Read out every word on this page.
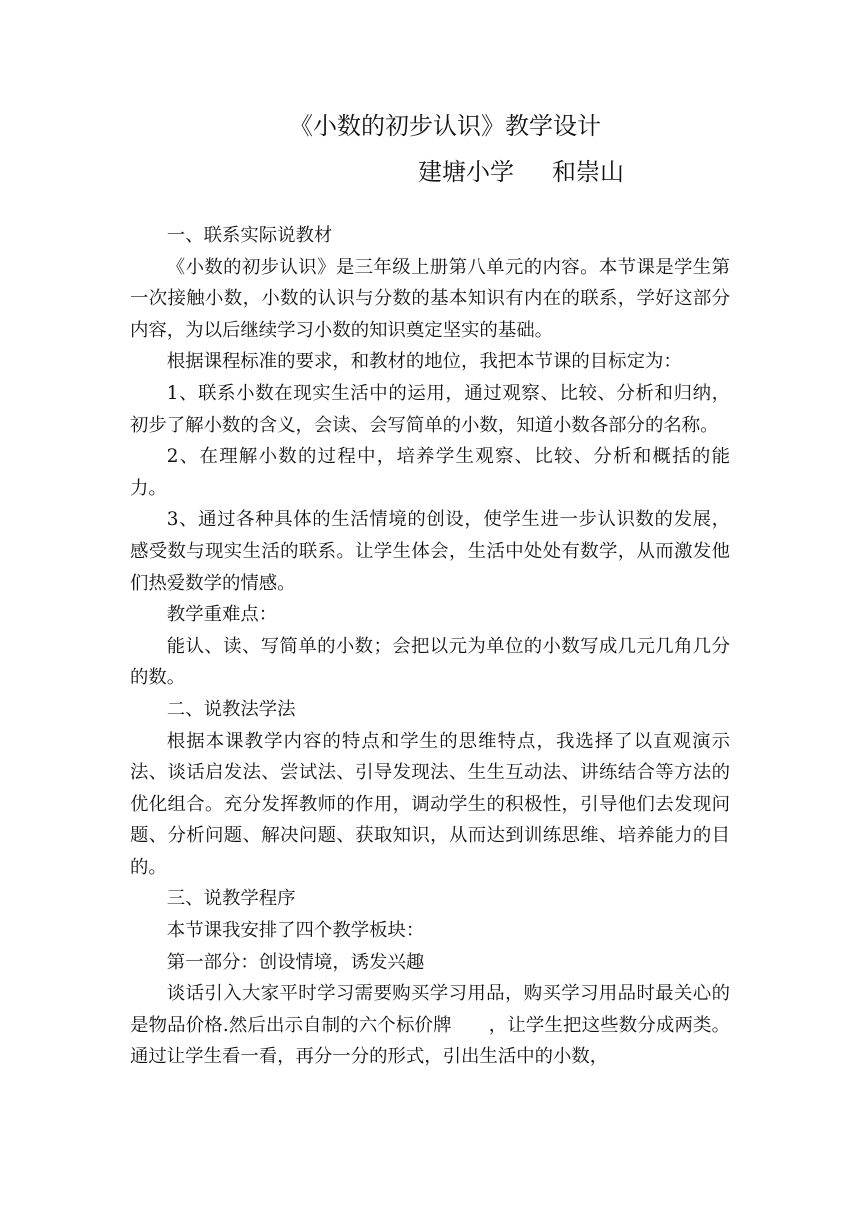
《小数的初步认识》教学设计
建塘小学 和崇山

一、联系实际说教材

《小数的初步认识》是三年级上册第八单元的内容。本节课是学生第一次接触小数，小数的认识与分数的基本知识有内在的联系，学好这部分内容，为以后继续学习小数的知识奠定坚实的基础。

根据课程标准的要求，和教材的地位，我把本节课的目标定为：

1、联系小数在现实生活中的运用，通过观察、比较、分析和归纳，初步了解小数的含义，会读、会写简单的小数，知道小数各部分的名称。

2、在理解小数的过程中，培养学生观察、比较、分析和概括的能力。

3、通过各种具体的生活情境的创设，使学生进一步认识数的发展，感受数与现实生活的联系。让学生体会，生活中处处有数学，从而激发他们热爱数学的情感。

教学重难点：

能认、读、写简单的小数；会把以元为单位的小数写成几元几角几分的数。

二、说教法学法

根据本课教学内容的特点和学生的思维特点，我选择了以直观演示法、谈话启发法、尝试法、引导发现法、生生互动法、讲练结合等方法的优化组合。充分发挥教师的作用，调动学生的积极性，引导他们去发现问题、分析问题、解决问题、获取知识，从而达到训练思维、培养能力的目的。

三、说教学程序

本节课我安排了四个教学板块：

第一部分：创设情境，诱发兴趣

谈话引入大家平时学习需要购买学习用品，购买学习用品时最关心的是物品价格.然后出示自制的六个标价牌　　，让学生把这些数分成两类。通过让学生看一看，再分一分的形式，引出生活中的小数，
